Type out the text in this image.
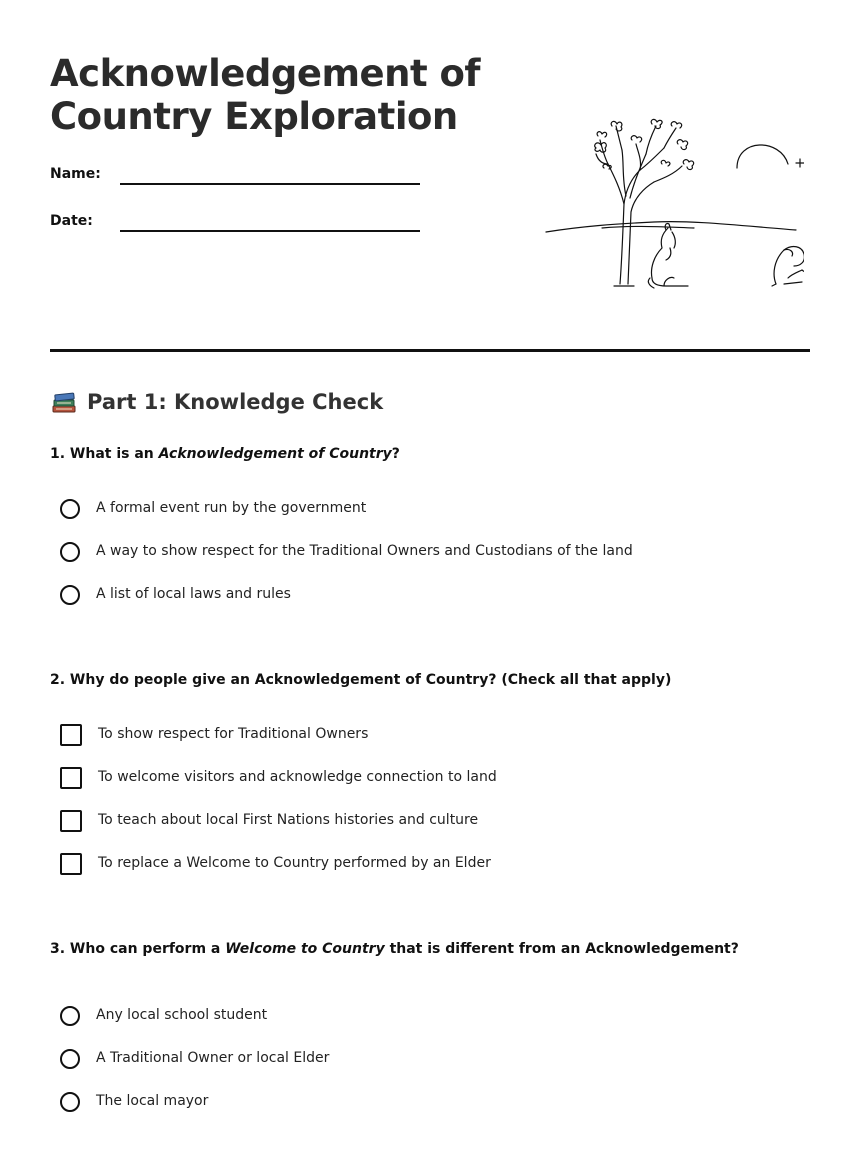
Acknowledgement of
Country Exploration
Name:
Date:
Part 1: Knowledge Check
1. What is an Acknowledgement of Country?
A formal event run by the government
A way to show respect for the Traditional Owners and Custodians of the land
A list of local laws and rules
2. Why do people give an Acknowledgement of Country? (Check all that apply)
To show respect for Traditional Owners
To welcome visitors and acknowledge connection to land
To teach about local First Nations histories and culture
To replace a Welcome to Country performed by an Elder
3. Who can perform a Welcome to Country that is different from an Acknowledgement?
Any local school student
A Traditional Owner or local Elder
The local mayor
